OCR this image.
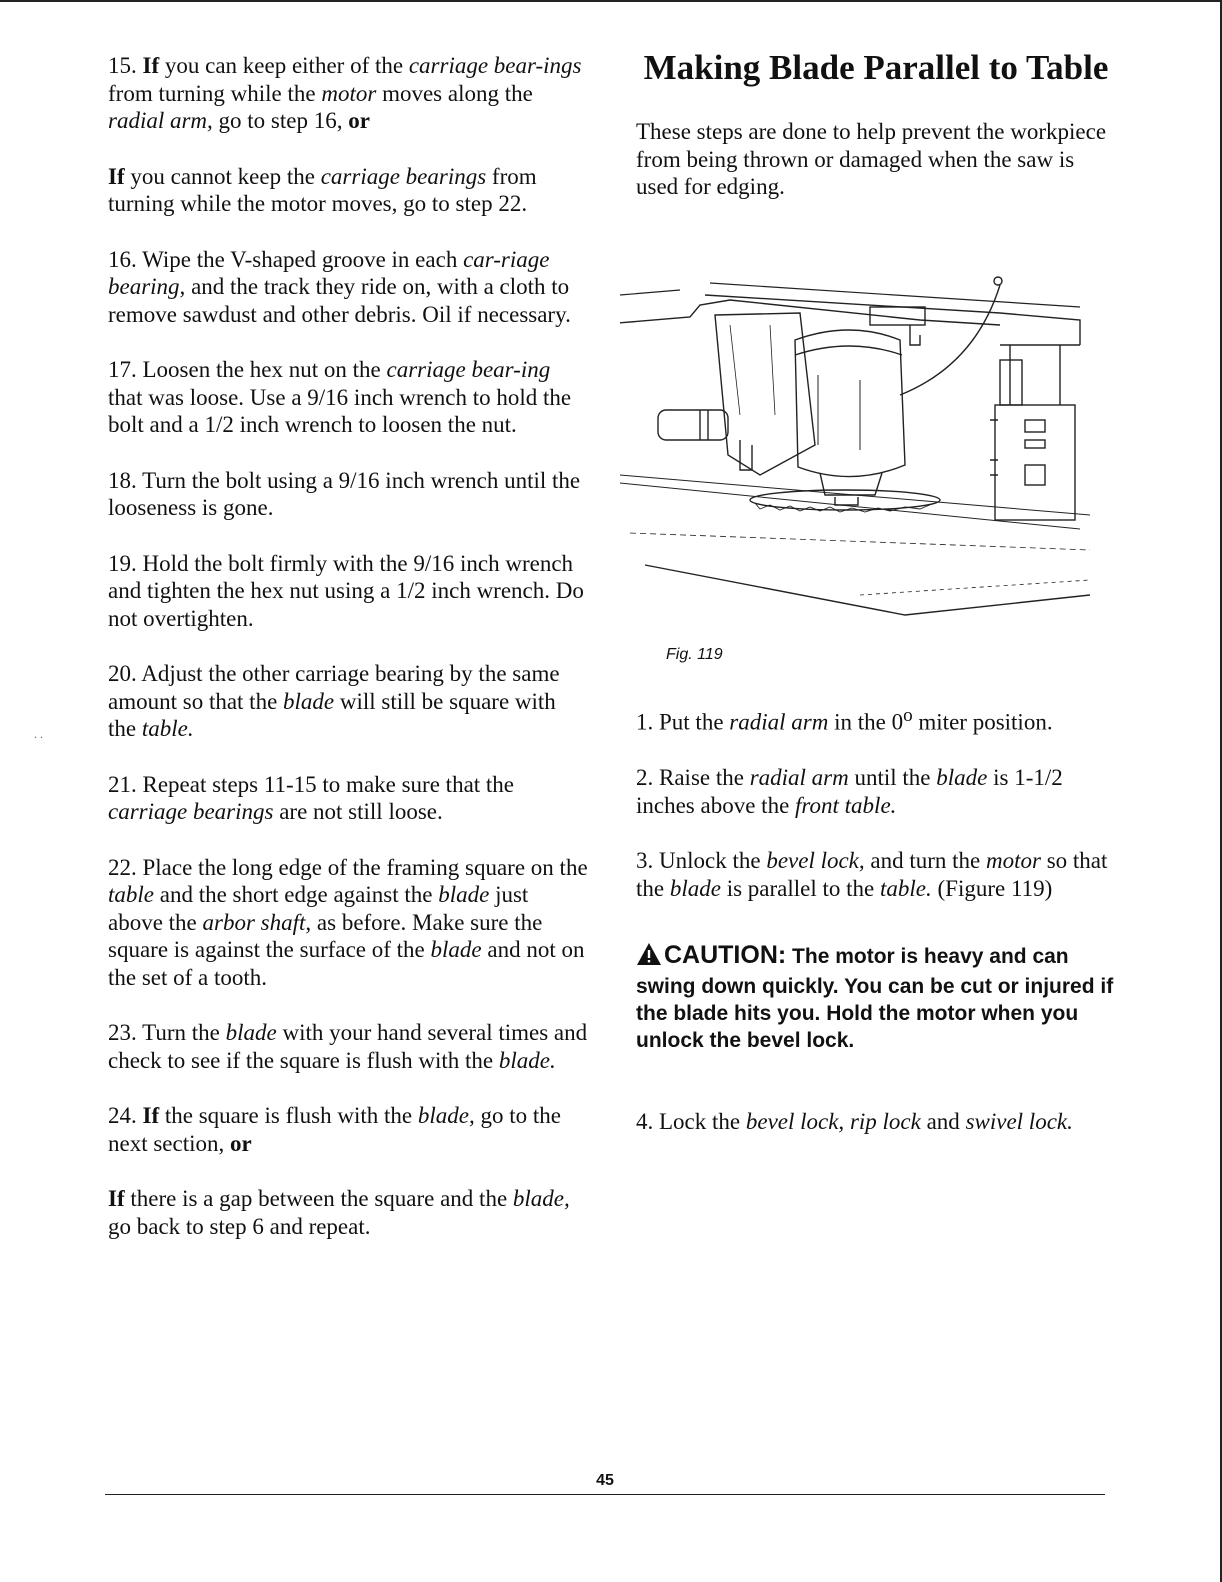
. .

15. If you can keep either of the carriage bear-ings from turning while the motor moves along the radial arm, go to step 16, or

If you cannot keep the carriage bearings from turning while the motor moves, go to step 22.

16. Wipe the V-shaped groove in each car-riage bearing, and the track they ride on, with a cloth to remove sawdust and other debris. Oil if necessary.

17. Loosen the hex nut on the carriage bear-ing that was loose. Use a 9/16 inch wrench to hold the bolt and a 1/2 inch wrench to loosen the nut.

18. Turn the bolt using a 9/16 inch wrench until the looseness is gone.

19. Hold the bolt firmly with the 9/16 inch wrench and tighten the hex nut using a 1/2 inch wrench. Do not overtighten.

20. Adjust the other carriage bearing by the same amount so that the blade will still be square with the table.

21. Repeat steps 11-15 to make sure that the carriage bearings are not still loose.

22. Place the long edge of the framing square on the table and the short edge against the blade just above the arbor shaft, as before. Make sure the square is against the surface of the blade and not on the set of a tooth.

23. Turn the blade with your hand several times and check to see if the square is flush with the blade.

24. If the square is flush with the blade, go to the next section, or

If there is a gap between the square and the blade, go back to step 6 and repeat.

Making Blade Parallel to Table

These steps are done to help prevent the workpiece from being thrown or damaged when the saw is used for edging.

Fig. 119

1. Put the radial arm in the 0$^o$ miter position.

2. Raise the radial arm until the blade is 1-1/2 inches above the front table.

3. Unlock the bevel lock, and turn the motor so that the blade is parallel to the table. (Figure 119)

CAUTION: The motor is heavy and can swing down quickly. You can be cut or injured if the blade hits you. Hold the motor when you unlock the bevel lock.

4. Lock the bevel lock, rip lock and swivel lock.

45
